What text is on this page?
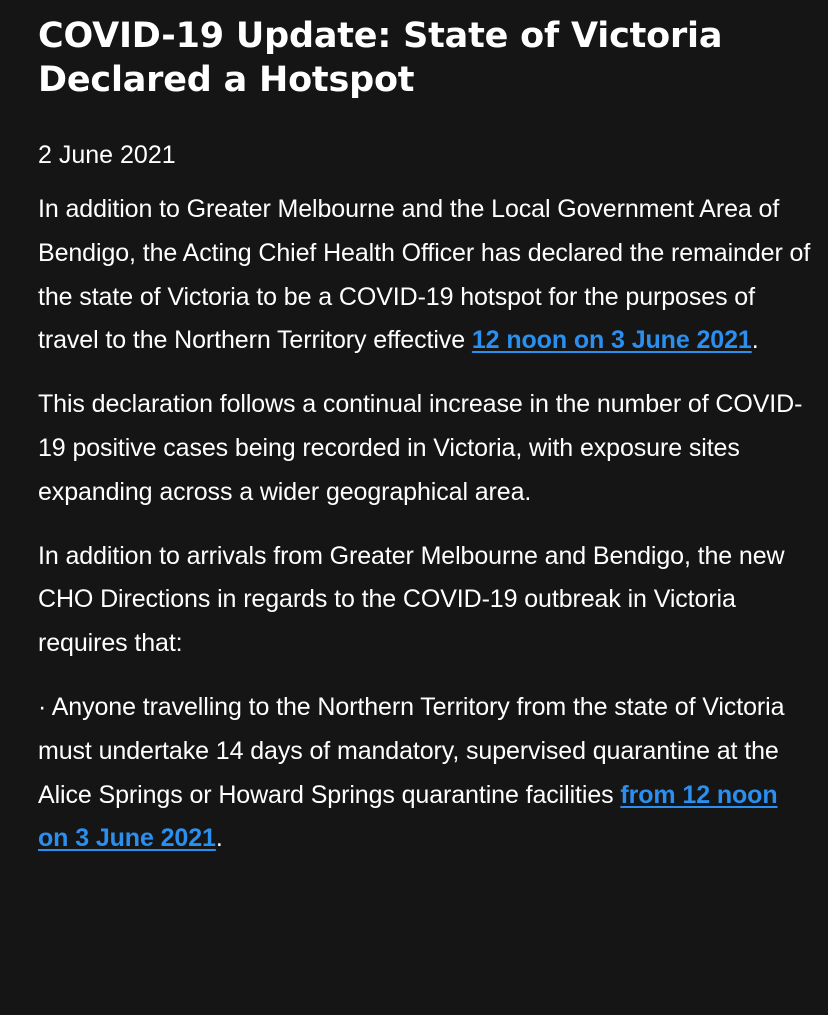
COVID-19 Update: State of Victoria Declared a Hotspot

2 June 2021

In addition to Greater Melbourne and the Local Government Area of Bendigo, the Acting Chief Health Officer has declared the remainder of the state of Victoria to be a COVID-19 hotspot for the purposes of travel to the Northern Territory effective 12 noon on 3 June 2021.

This declaration follows a continual increase in the number of COVID-19 positive cases being recorded in Victoria, with exposure sites expanding across a wider geographical area.

In addition to arrivals from Greater Melbourne and Bendigo, the new CHO Directions in regards to the COVID-19 outbreak in Victoria requires that:

· Anyone travelling to the Northern Territory from the state of Victoria must undertake 14 days of mandatory, supervised quarantine at the Alice Springs or Howard Springs quarantine facilities from 12 noon on 3 June 2021.
